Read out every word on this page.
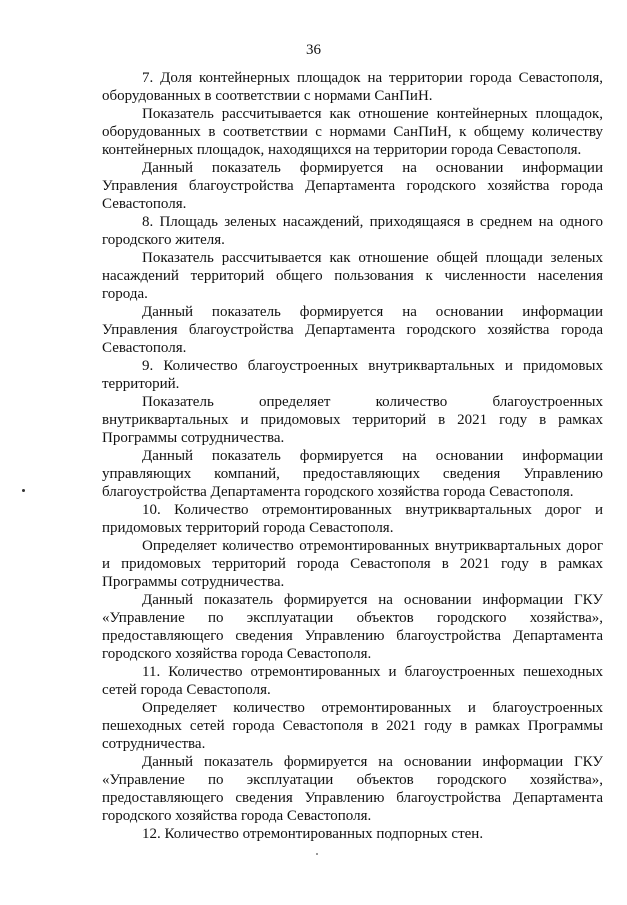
36

7. Доля контейнерных площадок на территории города Севастополя, оборудованных в соответствии с нормами СанПиН.

Показатель рассчитывается как отношение контейнерных площадок, оборудованных в соответствии с нормами СанПиН, к общему количеству контейнерных площадок, находящихся на территории города Севастополя.

Данный показатель формируется на основании информации Управления благоустройства Департамента городского хозяйства города Севастополя.

8. Площадь зеленых насаждений, приходящаяся в среднем на одного городского жителя.

Показатель рассчитывается как отношение общей площади зеленых насаждений территорий общего пользования к численности населения города.

Данный показатель формируется на основании информации Управления благоустройства Департамента городского хозяйства города Севастополя.

9. Количество благоустроенных внутриквартальных и придомовых территорий.

Показатель определяет количество благоустроенных внутриквартальных и придомовых территорий в 2021 году в рамках Программы сотрудничества.

Данный показатель формируется на основании информации управляющих компаний, предоставляющих сведения Управлению благоустройства Департамента городского хозяйства города Севастополя.

10. Количество отремонтированных внутриквартальных дорог и придомовых территорий города Севастополя.

Определяет количество отремонтированных внутриквартальных дорог и придомовых территорий города Севастополя в 2021 году в рамках Программы сотрудничества.

Данный показатель формируется на основании информации ГКУ «Управление по эксплуатации объектов городского хозяйства», предоставляющего сведения Управлению благоустройства Департамента городского хозяйства города Севастополя.

11. Количество отремонтированных и благоустроенных пешеходных сетей города Севастополя.

Определяет количество отремонтированных и благоустроенных пешеходных сетей города Севастополя в 2021 году в рамках Программы сотрудничества.

Данный показатель формируется на основании информации ГКУ «Управление по эксплуатации объектов городского хозяйства», предоставляющего сведения Управлению благоустройства Департамента городского хозяйства города Севастополя.

12. Количество отремонтированных подпорных стен.
